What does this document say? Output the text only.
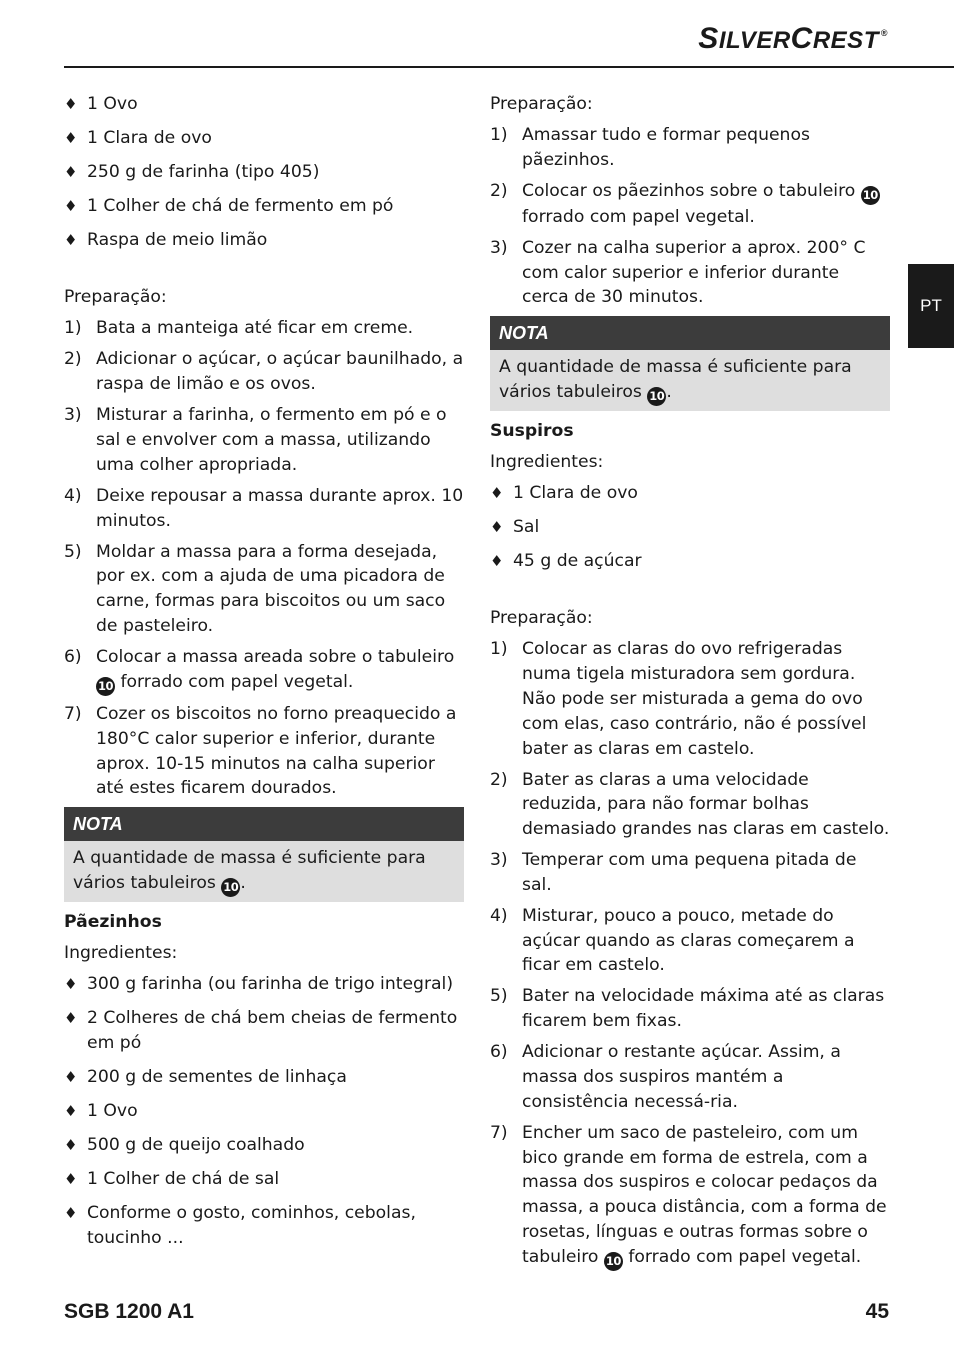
SILVERCREST ®
PT
♦ 1 Ovo
♦ 1 Clara de ovo
♦ 250 g de farinha (tipo 405)
♦ 1 Colher de chá de fermento em pó
♦ Raspa de meio limão
Preparação:
1) Bata a manteiga até ficar em creme.
2) Adicionar o açúcar, o açúcar baunilhado, a raspa de limão e os ovos.
3) Misturar a farinha, o fermento em pó e o sal e envolver com a massa, utilizando uma colher apropriada.
4) Deixe repousar a massa durante aprox. 10 minutos.
5) Moldar a massa para a forma desejada, por ex. com a ajuda de uma picadora de carne, formas para biscoitos ou um saco de pasteleiro.
6) Colocar a massa areada sobre o tabuleiro 10 forrado com papel vegetal.
7) Cozer os biscoitos no forno preaquecido a 180°C calor superior e inferior, durante aprox. 10-15 minutos na calha superior até estes ficarem dourados.
NOTA
A quantidade de massa é suficiente para vários tabuleiros 10 .
Pãezinhos
Ingredientes:
♦ 300 g farinha (ou farinha de trigo integral)
♦ 2 Colheres de chá bem cheias de fermento em pó
♦ 200 g de sementes de linhaça
♦ 1 Ovo
♦ 500 g de queijo coalhado
♦ 1 Colher de chá de sal
♦ Conforme o gosto, cominhos, cebolas, toucinho ...
Preparação:
1) Amassar tudo e formar pequenos pãezinhos.
2) Colocar os pãezinhos sobre o tabuleiro 10 forrado com papel vegetal.
3) Cozer na calha superior a aprox. 200° C com calor superior e inferior durante cerca de 30 minutos.
NOTA
A quantidade de massa é suficiente para vários tabuleiros 10 .
Suspiros
Ingredientes:
♦ 1 Clara de ovo
♦ Sal
♦ 45 g de açúcar
Preparação:
1) Colocar as claras do ovo refrigeradas numa tigela misturadora sem gordura. Não pode ser misturada a gema do ovo com elas, caso contrário, não é possível bater as claras em castelo.
2) Bater as claras a uma velocidade reduzida, para não formar bolhas demasiado grandes nas claras em castelo.
3) Temperar com uma pequena pitada de sal.
4) Misturar, pouco a pouco, metade do açúcar quando as claras começarem a ficar em castelo.
5) Bater na velocidade máxima até as claras ficarem bem fixas.
6) Adicionar o restante açúcar. Assim, a massa dos suspiros mantém a consistência necessá-ria.
7) Encher um saco de pasteleiro, com um bico grande em forma de estrela, com a massa dos suspiros e colocar pedaços da massa, a pouca distância, com a forma de rosetas, línguas e outras formas sobre o tabuleiro 10 forrado com papel vegetal.
SGB 1200 A1	45
